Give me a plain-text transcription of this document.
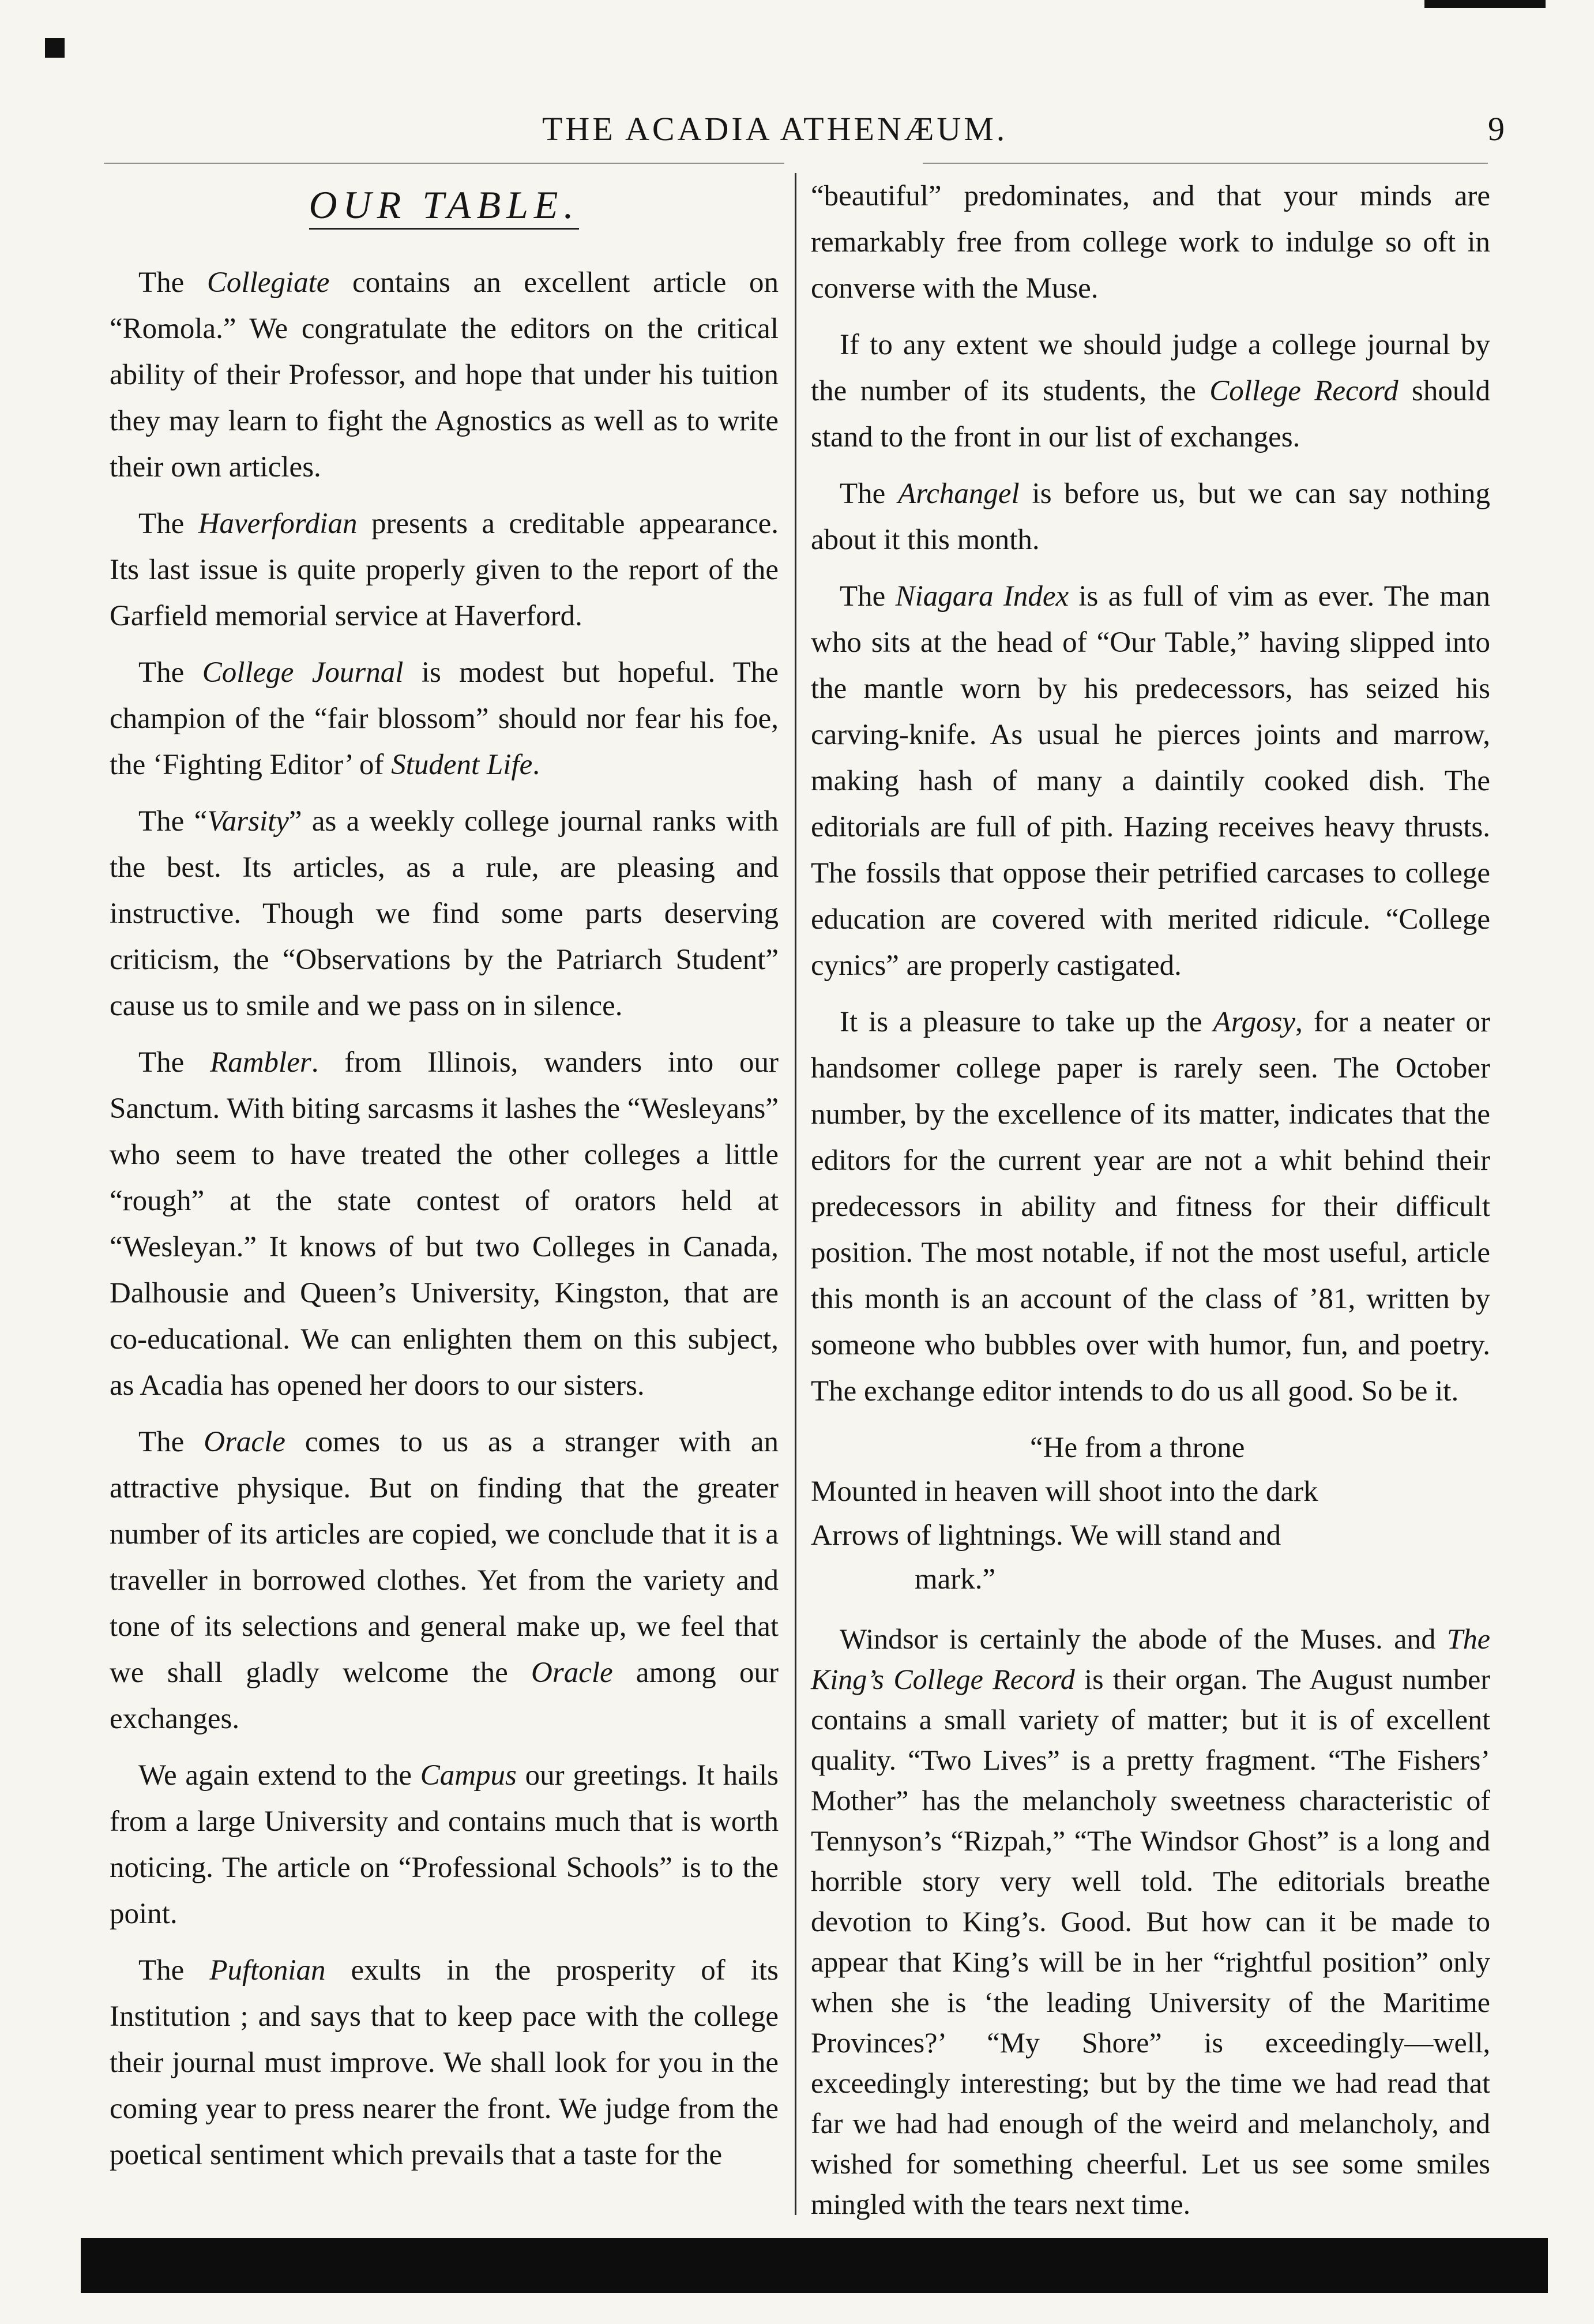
THE ACADIA ATHENÆUM.	9
OUR TABLE.

The Collegiate contains an excellent article on “Romola.” We congratulate the editors on the critical ability of their Professor, and hope that under his tuition they may learn to fight the Agnostics as well as to write their own articles.

The Haverfordian presents a creditable appearance. Its last issue is quite properly given to the report of the Garfield memorial service at Haverford.

The College Journal is modest but hopeful. The champion of the “fair blossom” should nor fear his foe, the ‘Fighting Editor’ of Student Life.

The “Varsity” as a weekly college journal ranks with the best. Its articles, as a rule, are pleasing and instructive. Though we find some parts deserving criticism, the “Observations by the Patriarch Student” cause us to smile and we pass on in silence.

The Rambler. from Illinois, wanders into our Sanctum. With biting sarcasms it lashes the “Wesleyans” who seem to have treated the other colleges a little “rough” at the state contest of orators held at “Wesleyan.” It knows of but two Colleges in Canada, Dalhousie and Queen’s University, Kingston, that are co-educational. We can enlighten them on this subject, as Acadia has opened her doors to our sisters.

The Oracle comes to us as a stranger with an attractive physique. But on finding that the greater number of its articles are copied, we conclude that it is a traveller in borrowed clothes. Yet from the variety and tone of its selections and general make up, we feel that we shall gladly welcome the Oracle among our exchanges.

We again extend to the Campus our greetings. It hails from a large University and contains much that is worth noticing. The article on “Professional Schools” is to the point.

The Puftonian exults in the prosperity of its Institution ; and says that to keep pace with the college their journal must improve. We shall look for you in the coming year to press nearer the front. We judge from the poetical sentiment which prevails that a taste for the

“beautiful” predominates, and that your minds are remarkably free from college work to indulge so oft in converse with the Muse.

If to any extent we should judge a college journal by the number of its students, the College Record should stand to the front in our list of exchanges.

The Archangel is before us, but we can say nothing about it this month.

The Niagara Index is as full of vim as ever. The man who sits at the head of “Our Table,” having slipped into the mantle worn by his predecessors, has seized his carving-knife. As usual he pierces joints and marrow, making hash of many a daintily cooked dish. The editorials are full of pith. Hazing receives heavy thrusts. The fossils that oppose their petrified carcases to college education are covered with merited ridicule. “College cynics” are properly castigated.

It is a pleasure to take up the Argosy, for a neater or handsomer college paper is rarely seen. The October number, by the excellence of its matter, indicates that the editors for the current year are not a whit behind their predecessors in ability and fitness for their difficult position. The most notable, if not the most useful, article this month is an account of the class of ’81, written by someone who bubbles over with humor, fun, and poetry. The exchange editor intends to do us all good. So be it.

“He from a throne
Mounted in heaven will shoot into the dark
Arrows of lightnings. We will stand and
mark.”

Windsor is certainly the abode of the Muses. and The King’s College Record is their organ. The August number contains a small variety of matter; but it is of excellent quality. “Two Lives” is a pretty fragment. “The Fishers’ Mother” has the melancholy sweetness characteristic of Tennyson’s “Rizpah,” “The Windsor Ghost” is a long and horrible story very well told. The editorials breathe devotion to King’s. Good. But how can it be made to appear that King’s will be in her “rightful position” only when she is ‘the leading University of the Maritime Provinces?’ “My Shore” is exceedingly—well, exceedingly interesting; but by the time we had read that far we had had enough of the weird and melancholy, and wished for something cheerful. Let us see some smiles mingled with the tears next time.
